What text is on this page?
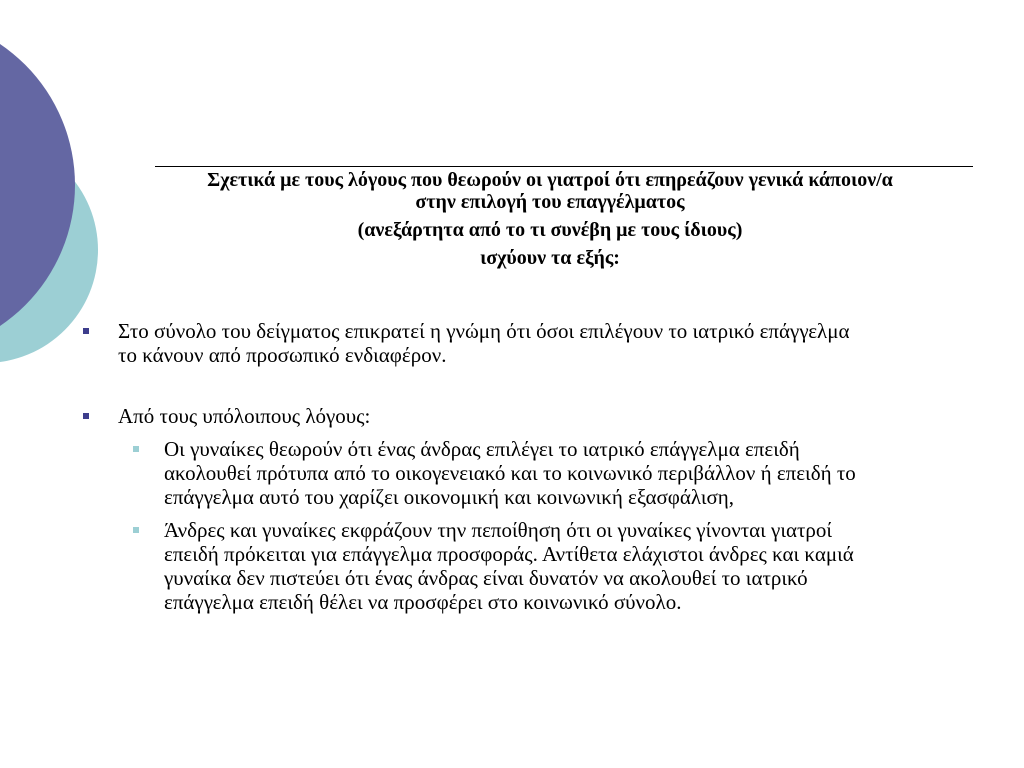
Σχετικά με τους λόγους που θεωρούν οι γιατροί ότι επηρεάζουν γενικά κάποιον/α
στην επιλογή του επαγγέλματος
(ανεξάρτητα από το τι συνέβη με τους ίδιους)
ισχύουν τα εξής:
Στο σύνολο του δείγματος επικρατεί η γνώμη ότι όσοι επιλέγουν το ιατρικό επάγγελμα
το κάνουν από προσωπικό ενδιαφέρον.
Από τους υπόλοιπους λόγους:
Οι γυναίκες θεωρούν ότι ένας άνδρας επιλέγει το ιατρικό επάγγελμα επειδή
ακολουθεί πρότυπα από το οικογενειακό και το κοινωνικό περιβάλλον ή επειδή το
επάγγελμα αυτό του χαρίζει οικονομική και κοινωνική εξασφάλιση,
Άνδρες και γυναίκες εκφράζουν την πεποίθηση ότι οι γυναίκες γίνονται γιατροί
επειδή πρόκειται για επάγγελμα προσφοράς. Αντίθετα ελάχιστοι άνδρες και καμιά
γυναίκα δεν πιστεύει ότι ένας άνδρας είναι δυνατόν να ακολουθεί το ιατρικό
επάγγελμα επειδή θέλει να προσφέρει στο κοινωνικό σύνολο.
